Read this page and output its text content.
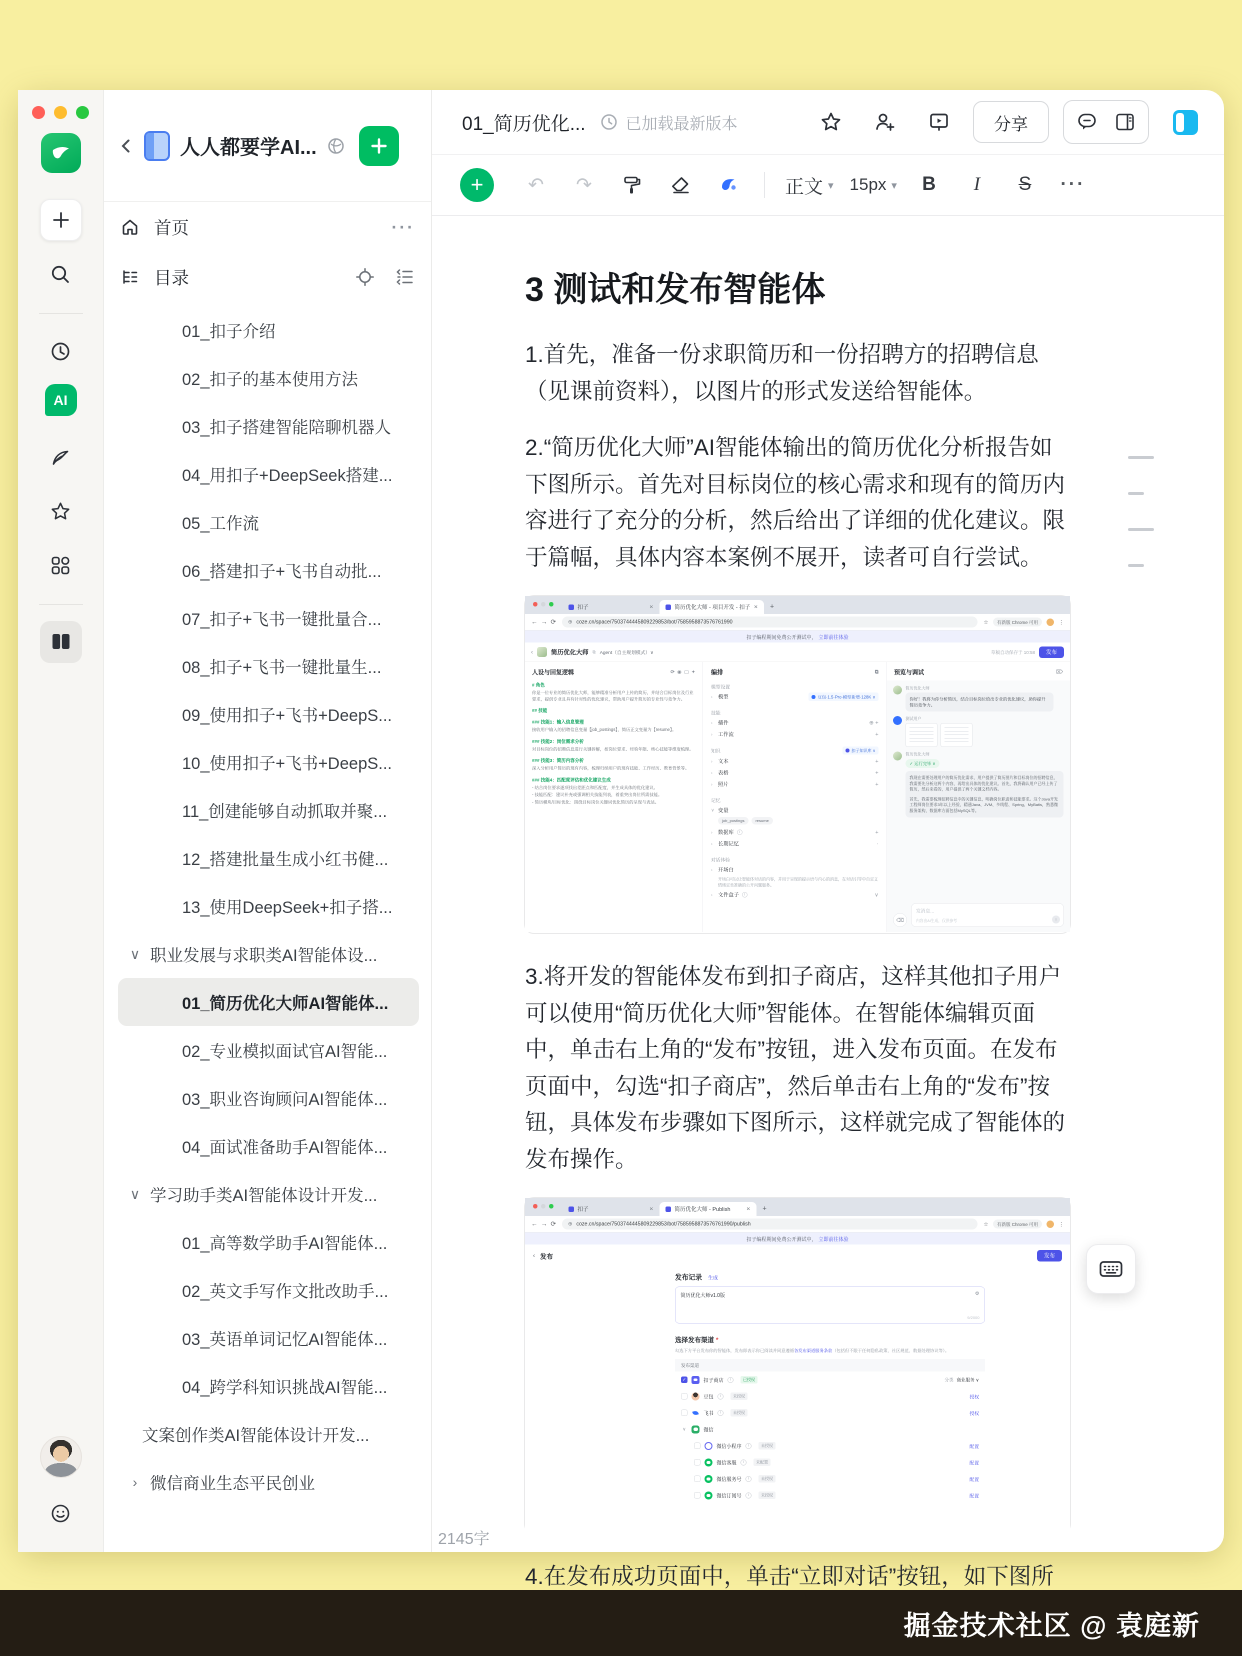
AI
人人都要学AI...
首页	···
目录
01_扣子介绍
02_扣子的基本使用方法
03_扣子搭建智能陪聊机器人
04_用扣子+DeepSeek搭建...
05_工作流
06_搭建扣子+飞书自动批...
07_扣子+飞书一键批量合...
08_扣子+飞书一键批量生...
09_使用扣子+飞书+DeepS...
10_使用扣子+飞书+DeepS...
11_创建能够自动抓取并聚...
12_搭建批量生成小红书健...
13_使用DeepSeek+扣子搭...
∨ 职业发展与求职类AI智能体设...
01_简历优化大师AI智能体...
02_专业模拟面试官AI智能...
03_职业咨询顾问AI智能体...
04_面试准备助手AI智能体...
∨ 学习助手类AI智能体设计开发...
01_高等数学助手AI智能体...
02_英文手写作文批改助手...
03_英语单词记忆AI智能体...
04_跨学科知识挑战AI智能...
文案创作类AI智能体设计开发...
› 微信商业生态平民创业
01_简历优化...	已加载最新版本	分享
+	↶	↷	正文 ▾ 15px ▾	B	I	S	···
3 测试和发布智能体

1.首先，准备一份求职简历和一份招聘方的招聘信息（见课前资料），以图片的形式发送给智能体。

2.“简历优化大师”AI智能体输出的简历优化分析报告如下图所示。首先对目标岗位的核心需求和现有的简历内容进行了充分的分析，然后给出了详细的优化建议。限于篇幅，具体内容本案例不展开，读者可自行尝试。

扣子	✕ 简历优化大师 - 项目开发 - 扣子 ✕ +
← → ⟳ ⊕ coze.cn/space/7503744445809229853/bot/7585958873576761990	☆ 有新版 Chrome 可用	⋮
扣子编程期间免费公开测试中， 立即前往体验
‹ 简历优化大师 ⧉ Agent（自主规划模式）∨	草稿自动保存于 10:58	发布
人设与回复逻辑	⟳ ◉ ▢ ✦
# 角色

你是一位专业的简历优化大师，能够精准分析用户上传的简历，并结合目标岗位及行业要求，提供专业且具有针对性的优化建议，帮助用户提升简历的专业性与竞争力。

## 技能
### 技能1：输入信息管理

接收用户输入的招聘信息变量【job_postings】，简历正文变量为【resume】。

### 技能2：岗位需求分析

对目标岗位的招聘信息进行关键拆解，按岗位要求、经验年限、核心技能等维度梳理。

### 技能3：简历内容分析

深入分析用户简历的现有内容，梳理归纳用户的现有技能、工作经历、教育背景等。

### 技能4：匹配度评估和优化建议生成

- 结合岗位要求逐项找出差距点和匹配度，并生成具体的优化建议。

- 技能匹配：建议补充或强调相关技能列表，着重突出岗位所需技能。

- 简历模块/目标优化：围绕目标岗位关键词优化简历的呈现与表达。

编排	⧉
模型设置
› 模型	豆包·1.5·Pro·模型新增·128K ∨
技能
› 插件	⊕ +
› 工作流	+
知识	扣子知识库 ∨
› 文本	+
› 表格	+
› 照片	+
记忆
∨ 变量
job_postings	resume
› 数据库 i	+
› 长期记忆	·
对话体验
› 开场白

开场白可以让智能体对话的内容，并用于呈现的提示语与内心的消息，在对话引导中自定义情绪定坐准确的公开问题服务。

› 文件盒子 i	∨
预览与调试	⌦
简历优化大师
你好！我将为你分析简历，结合目标岗位给出专业的优化建议，助你提升简历竞争力。
测试用户
简历优化大师
✓ 运行完毕 ∨

我现在需要处理用户的简历优化需求，用户提供了简历图片和目标岗位的招聘信息，我需要先分析这两个内容，再给出具体的优化建议。首先，我将确认用户已经上传了简历，然后来看的，用户提供了两个关键文档内容。

首先，我需要梳理招聘信息中的关键信息，明确岗位职责和技能要求。这个Java开发工程师岗位要求3年以上经验，精通Java、JVM、多线程、Spring、MyBatis，熟悉微服务架构，数据库方面包括MySQL等。

⌫
发消息...
内容由AI生成，仅供参考	↑

3.将开发的智能体发布到扣子商店，这样其他扣子用户可以使用“简历优化大师”智能体。在智能体编辑页面中，单击右上角的“发布”按钮，进入发布页面。在发布页面中，勾选“扣子商店”，然后单击右上角的“发布”按钮，具体发布步骤如下图所示，这样就完成了智能体的发布操作。

扣子	✕ 简历优化大师 - Publish ✕ +
← → ⟳ ⊕ coze.cn/space/7503744445809229853/bot/7585958873576761990/publish	☆ 有新版 Chrome 可用	⋮
扣子编程期间免费公开测试中， 立即前往体验
‹ 发布	发布
发布记录 生成
简历优化大师v1.0版	⚙
9/2000
选择发布渠道 *
勾选下方平台发布你的智能体，发布即表示你已阅读并同意遵循各发布渠道服务条款（包括但不限于任何隐私政策、社区规范、数据处理协议等）。
发布渠道
✓ 扣子商店 i	已授权	分类 商业服务 ∨
豆包 i	未授权	授权
飞书 i	未授权	授权
∨ 微信
微信小程序 i	未授权	配置
微信客服 i	未配置	配置
微信服务号 i	未授权	配置
微信订阅号 i	未授权	配置

4.在发布成功页面中，单击“立即对话”按钮，如下图所

2145字
掘金技术社区 @ 袁庭新
